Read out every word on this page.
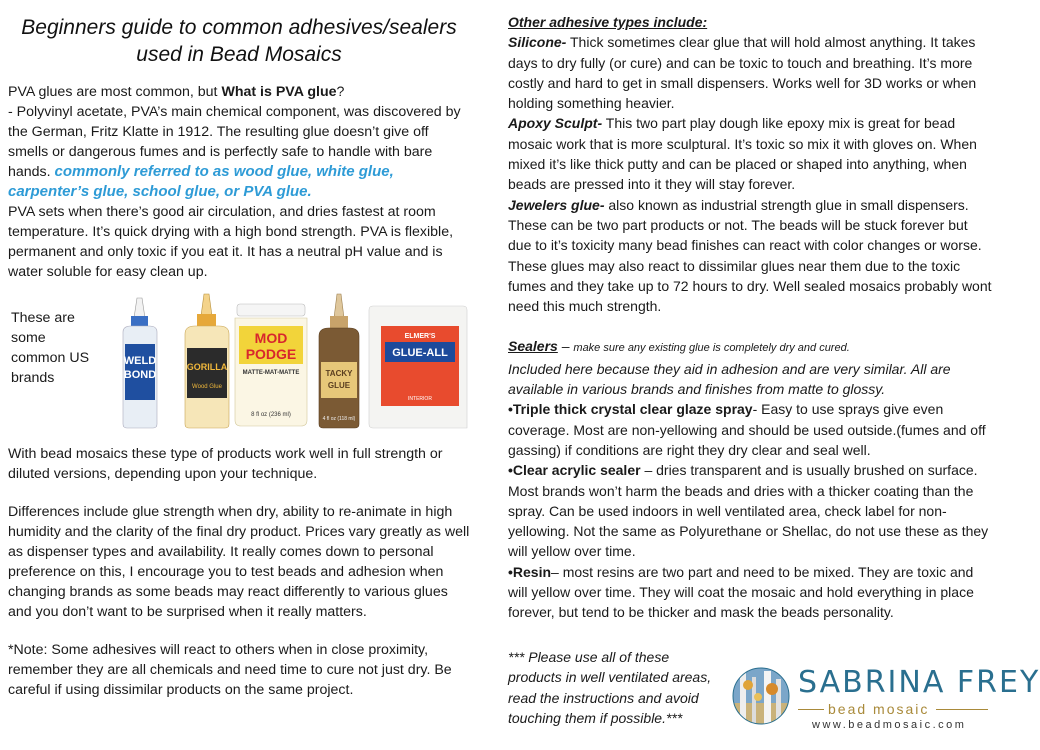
Beginners guide to common adhesives/sealers used in Bead Mosaics

PVA glues are most common, but What is PVA glue?
- Polyvinyl acetate, PVA’s main chemical component, was discovered by the German, Fritz Klatte in 1912. The resulting glue doesn’t give off smells or dangerous fumes and is perfectly safe to handle with bare hands. commonly referred to as wood glue, white glue, carpenter’s glue, school glue, or PVA glue.
PVA sets when there’s good air circulation, and dries fastest at room temperature. It’s quick drying with a high bond strength. PVA is flexible, permanent and only toxic if you eat it. It has a neutral pH value and is water soluble for easy clean up.

These are some common US brands
WELD
BOND
GORILLA
Wood Glue
MOD
PODGE
MATTE-MAT-MATTE
8 fl oz (236 ml)
TACKY
GLUE
4 fl oz (118 ml)
ELMER'S
GLUE-ALL
INTERIOR

With bead mosaics these type of products work well in full strength or diluted versions, depending upon your technique.

Differences include glue strength when dry, ability to re-animate in high humidity and the clarity of the final dry product. Prices vary greatly as well as dispenser types and availability. It really comes down to personal preference on this, I encourage you to test beads and adhesion when changing brands as some beads may react differently to various glues and you don’t want to be surprised when it really matters.

*Note: Some adhesives will react to others when in close proximity, remember they are all chemicals and need time to cure not just dry. Be careful if using dissimilar products on the same project.

Other adhesive types include:
Silicone- Thick sometimes clear glue that will hold almost anything. It takes days to dry fully (or cure) and can be toxic to touch and breathing. It’s more costly and hard to get in small dispensers. Works well for 3D works or when holding something heavier.
Apoxy Sculpt- This two part play dough like epoxy mix is great for bead mosaic work that is more sculptural. It’s toxic so mix it with gloves on. When mixed it’s like thick putty and can be placed or shaped into anything, when beads are pressed into it they will stay forever.
Jewelers glue- also known as industrial strength glue in small dispensers. These can be two part products or not. The beads will be stuck forever but due to it’s toxicity many bead finishes can react with color changes or worse. These glues may also react to dissimilar glues near them due to the toxic fumes and they take up to 72 hours to dry. Well sealed mosaics probably wont need this much strength.

Sealers – make sure any existing glue is completely dry and cured.
Included here because they aid in adhesion and are very similar. All are available in various brands and finishes from matte to glossy.
•Triple thick crystal clear glaze spray- Easy to use sprays give even coverage. Most are non-yellowing and should be used outside.(fumes and off gassing) if conditions are right they dry clear and seal well.
•Clear acrylic sealer – dries transparent and is usually brushed on surface. Most brands won’t harm the beads and dries with a thicker coating than the spray. Can be used indoors in well ventilated area, check label for non-yellowing. Not the same as Polyurethane or Shellac, do not use these as they will yellow over time.
•Resin– most resins are two part and need to be mixed. They are toxic and will yellow over time. They will coat the mosaic and hold everything in place forever, but tend to be thicker and mask the beads personality.

*** Please use all of these products in well ventilated areas, read the instructions and avoid touching them if possible.***
SABRINA FREY
bead mosaic
www.beadmosaic.com
